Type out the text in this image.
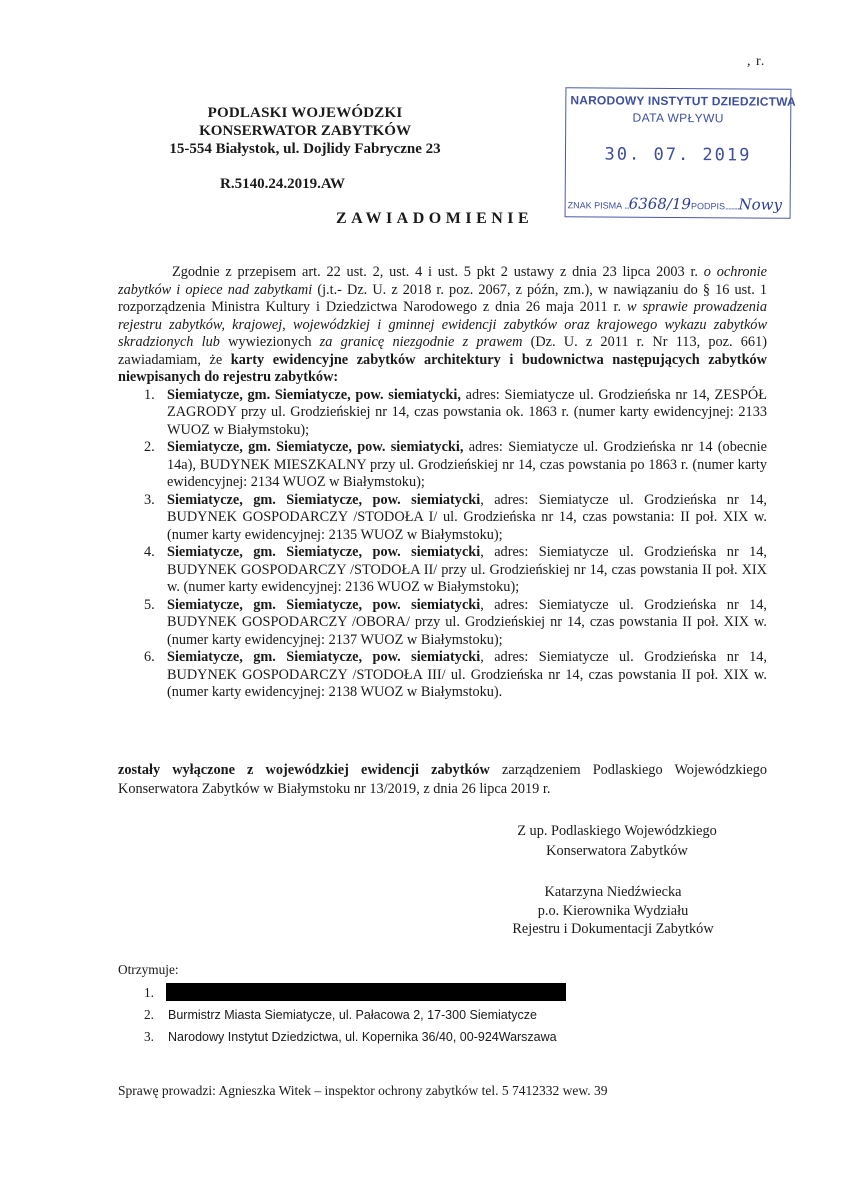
, r.
PODLASKI WOJEWÓDZKI
KONSERWATOR ZABYTKÓW
15-554 Białystok, ul. Dojlidy Fabryczne 23
R.5140.24.2019.AW
NARODOWY INSTYTUT DZIEDZICTWA
DATA WPŁYWU
30. 07. 2019
ZNAK PISMA ...6368/19PODPIS.........Nowy
ZAWIADOMIENIE

Zgodnie z przepisem art. 22 ust. 2, ust. 4 i ust. 5 pkt 2 ustawy z dnia 23 lipca 2003 r. o ochronie zabytków i opiece nad zabytkami (j.t.- Dz. U. z 2018 r. poz. 2067, z późn, zm.), w nawiązaniu do § 16 ust. 1 rozporządzenia Ministra Kultury i Dziedzictwa Narodowego z dnia 26 maja 2011 r. w sprawie prowadzenia rejestru zabytków, krajowej, wojewódzkiej i gminnej ewidencji zabytków oraz krajowego wykazu zabytków skradzionych lub wywiezionych za granicę niezgodnie z prawem (Dz. U. z 2011 r. Nr 113, poz. 661) zawiadamiam, że karty ewidencyjne zabytków architektury i budownictwa następujących zabytków niewpisanych do rejestru zabytków:

1. Siemiatycze, gm. Siemiatycze, pow. siemiatycki, adres: Siemiatycze ul. Grodzieńska nr 14, ZESPÓŁ ZAGRODY przy ul. Grodzieńskiej nr 14, czas powstania ok. 1863 r. (numer karty ewidencyjnej: 2133 WUOZ w Białymstoku);
2. Siemiatycze, gm. Siemiatycze, pow. siemiatycki, adres: Siemiatycze ul. Grodzieńska nr 14 (obecnie 14a), BUDYNEK MIESZKALNY przy ul. Grodzieńskiej nr 14, czas powstania po 1863 r. (numer karty ewidencyjnej: 2134 WUOZ w Białymstoku);
3. Siemiatycze, gm. Siemiatycze, pow. siemiatycki, adres: Siemiatycze ul. Grodzieńska nr 14, BUDYNEK GOSPODARCZY /STODOŁA I/ ul. Grodzieńska nr 14, czas powstania: II poł. XIX w. (numer karty ewidencyjnej: 2135 WUOZ w Białymstoku);
4. Siemiatycze, gm. Siemiatycze, pow. siemiatycki, adres: Siemiatycze ul. Grodzieńska nr 14, BUDYNEK GOSPODARCZY /STODOŁA II/ przy ul. Grodzieńskiej nr 14, czas powstania II poł. XIX w. (numer karty ewidencyjnej: 2136 WUOZ w Białymstoku);
5. Siemiatycze, gm. Siemiatycze, pow. siemiatycki, adres: Siemiatycze ul. Grodzieńska nr 14, BUDYNEK GOSPODARCZY /OBORA/ przy ul. Grodzieńskiej nr 14, czas powstania II poł. XIX w. (numer karty ewidencyjnej: 2137 WUOZ w Białymstoku);
6. Siemiatycze, gm. Siemiatycze, pow. siemiatycki, adres: Siemiatycze ul. Grodzieńska nr 14, BUDYNEK GOSPODARCZY /STODOŁA III/ ul. Grodzieńska nr 14, czas powstania II poł. XIX w. (numer karty ewidencyjnej: 2138 WUOZ w Białymstoku).
zostały wyłączone z wojewódzkiej ewidencji zabytków zarządzeniem Podlaskiego Wojewódzkiego Konserwatora Zabytków w Białymstoku nr 13/2019, z dnia 26 lipca 2019 r.
Z up. Podlaskiego Wojewódzkiego
Konserwatora Zabytków
Katarzyna Niedźwiecka
p.o. Kierownika Wydziału
Rejestru i Dokumentacji Zabytków
Otrzymuje:
1.
2. Burmistrz Miasta Siemiatycze, ul. Pałacowa 2, 17-300 Siemiatycze
3. Narodowy Instytut Dziedzictwa, ul. Kopernika 36/40, 00-924Warszawa
Sprawę prowadzi: Agnieszka Witek – inspektor ochrony zabytków tel. 5 7412332 wew. 39
